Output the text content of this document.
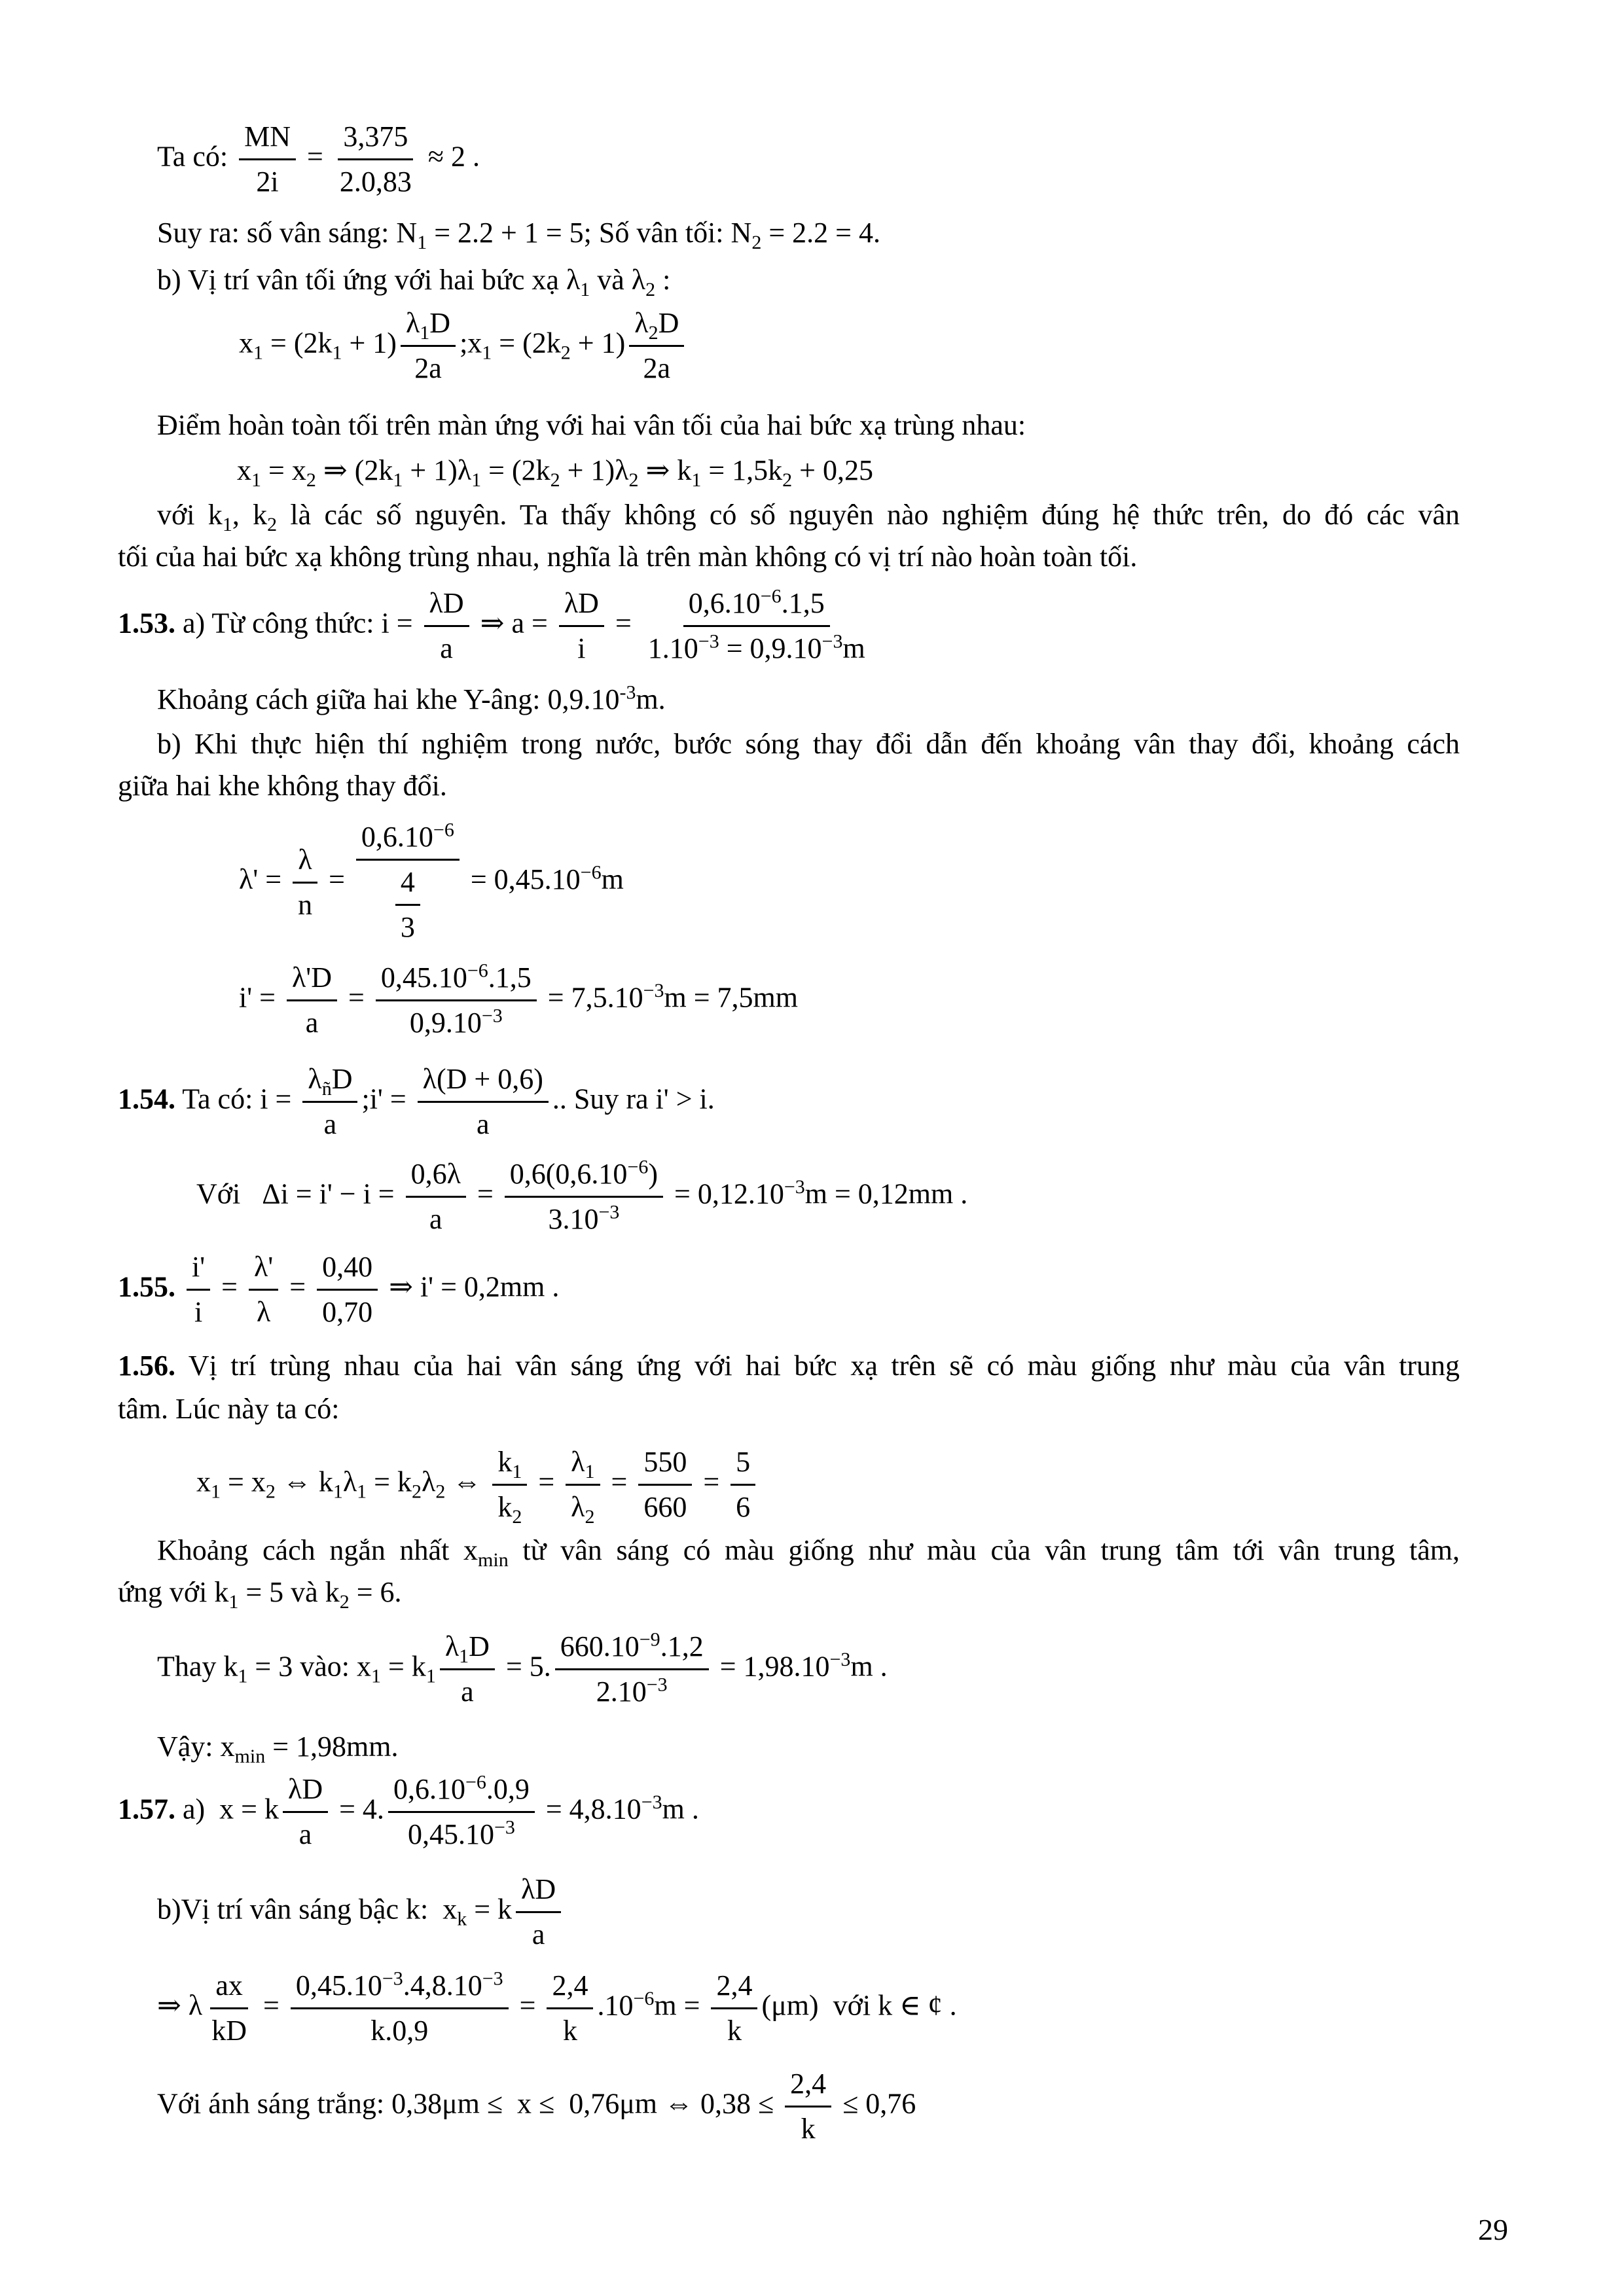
Ta có: $\frac{MN}{2i} = \frac{3,375}{2.0,83} \approx 2$ .
Suy ra: số vân sáng: $N_1 = 2.2 + 1 = 5$; Số vân tối: $N_2 = 2.2 = 4$.
b) Vị trí vân tối ứng với hai bức xạ $\lambda_1$ và $\lambda_2$ :
$x_1 = (2k_1 + 1) \frac{\lambda_1D}{2a}$ $;x_1 = (2k_2 + 1) \frac{\lambda_2D}{2a}$
Điểm hoàn toàn tối trên màn ứng với hai vân tối của hai bức xạ trùng nhau:
$x_1 = x_2$ ⇒ $(2k_1 + 1)\lambda_1 = (2k_2 + 1)\lambda_2$ ⇒ $k_1 = 1,5k_2 + 0,25$
với $k_1$, $k_2$ là các số nguyên. Ta thấy không có số nguyên nào nghiệm đúng hệ thức trên, do đó các vân
tối của hai bức xạ không trùng nhau, nghĩa là trên màn không có vị trí nào hoàn toàn tối.
1.53. a) Từ công thức: $i = \frac{\lambda D}{a}$ ⇒ $a = \frac{\lambda D}{i} = \frac{0,6.10^{-6}.1,5}{1.10^{-3} = 0,9.10^{-3}m}$
Khoảng cách giữa hai khe Y-âng: $0,9.10^{-3}m$.
b) Khi thực hiện thí nghiệm trong nước, bước sóng thay đổi dẫn đến khoảng vân thay đổi, khoảng cách
giữa hai khe không thay đổi.
$\lambda' = \frac{\lambda}{n} = \frac{0,6.10^{-6}}{\frac{4}{3}} = 0,45.10^{-6}m$
$i' = \frac{\lambda'D}{a} = \frac{0,45.10^{-6}.1,5}{0,9.10^{-3}} = 7,5.10^{-3}m = 7,5mm$
1.54. Ta có: i =
$\lambda_ñD$
a
;i' = $\frac{\lambda(D + 0,6)}{a}$ .. Suy ra i' > i.
Với   $\Delta i = i' - i = \frac{0,6\lambda}{a} = \frac{0,6(0,6.10^{-6})}{3.10^{-3}} = 0,12.10^{-3}m = 0,12mm$ .
1.55. $\frac{i'}{i} = \frac{\lambda'}{\lambda} = \frac{0,40}{0,70}$ ⇒ i' = 0,2mm .
1.56. Vị trí trùng nhau của hai vân sáng ứng với hai bức xạ trên sẽ có màu giống như màu của vân trung
tâm. Lúc này ta có:
$x_1 = x_2$ ⇔ $k_1\lambda_1 = k_2\lambda_2$ ⇔ $\frac{k_1}{k_2} = \frac{\lambda_1}{\lambda_2} = \frac{550}{660} = \frac{5}{6}$
Khoảng cách ngắn nhất $x_{min}$ từ vân sáng có màu giống như màu của vân trung tâm tới vân trung tâm,
ứng với $k_1 = 5$ và $k_2 = 6$.
Thay $k_1 = 3$ vào: $x_1 = k_1 \frac{\lambda_1D}{a} = 5$. $\frac{660.10^{-9}.1,2}{2.10^{-3}} = 1,98.10^{-3}m$ .
Vậy: $x_{min} = 1,98mm$.
1.57. a)  x = k $\frac{\lambda D}{a} = 4$. $\frac{0,6.10^{-6}.0,9}{0,45.10^{-3}} = 4,8.10^{-3}m$ .
b)Vị trí vân sáng bậc k:  $x_k = k \frac{\lambda D}{a}$
⇒ λ $\frac{ax}{kD} = \frac{0,45.10^{-3}.4,8.10^{-3}}{k.0,9} = \frac{2,4}{k} .10^{-6}m = \frac{2,4}{k} (\mu m)$  với k ∈ ¢ .
Với ánh sáng trắng: 0,38μm ≤  x ≤  0,76μm ⇔ $0,38 \le \frac{2,4}{k} \le 0,76$
29
